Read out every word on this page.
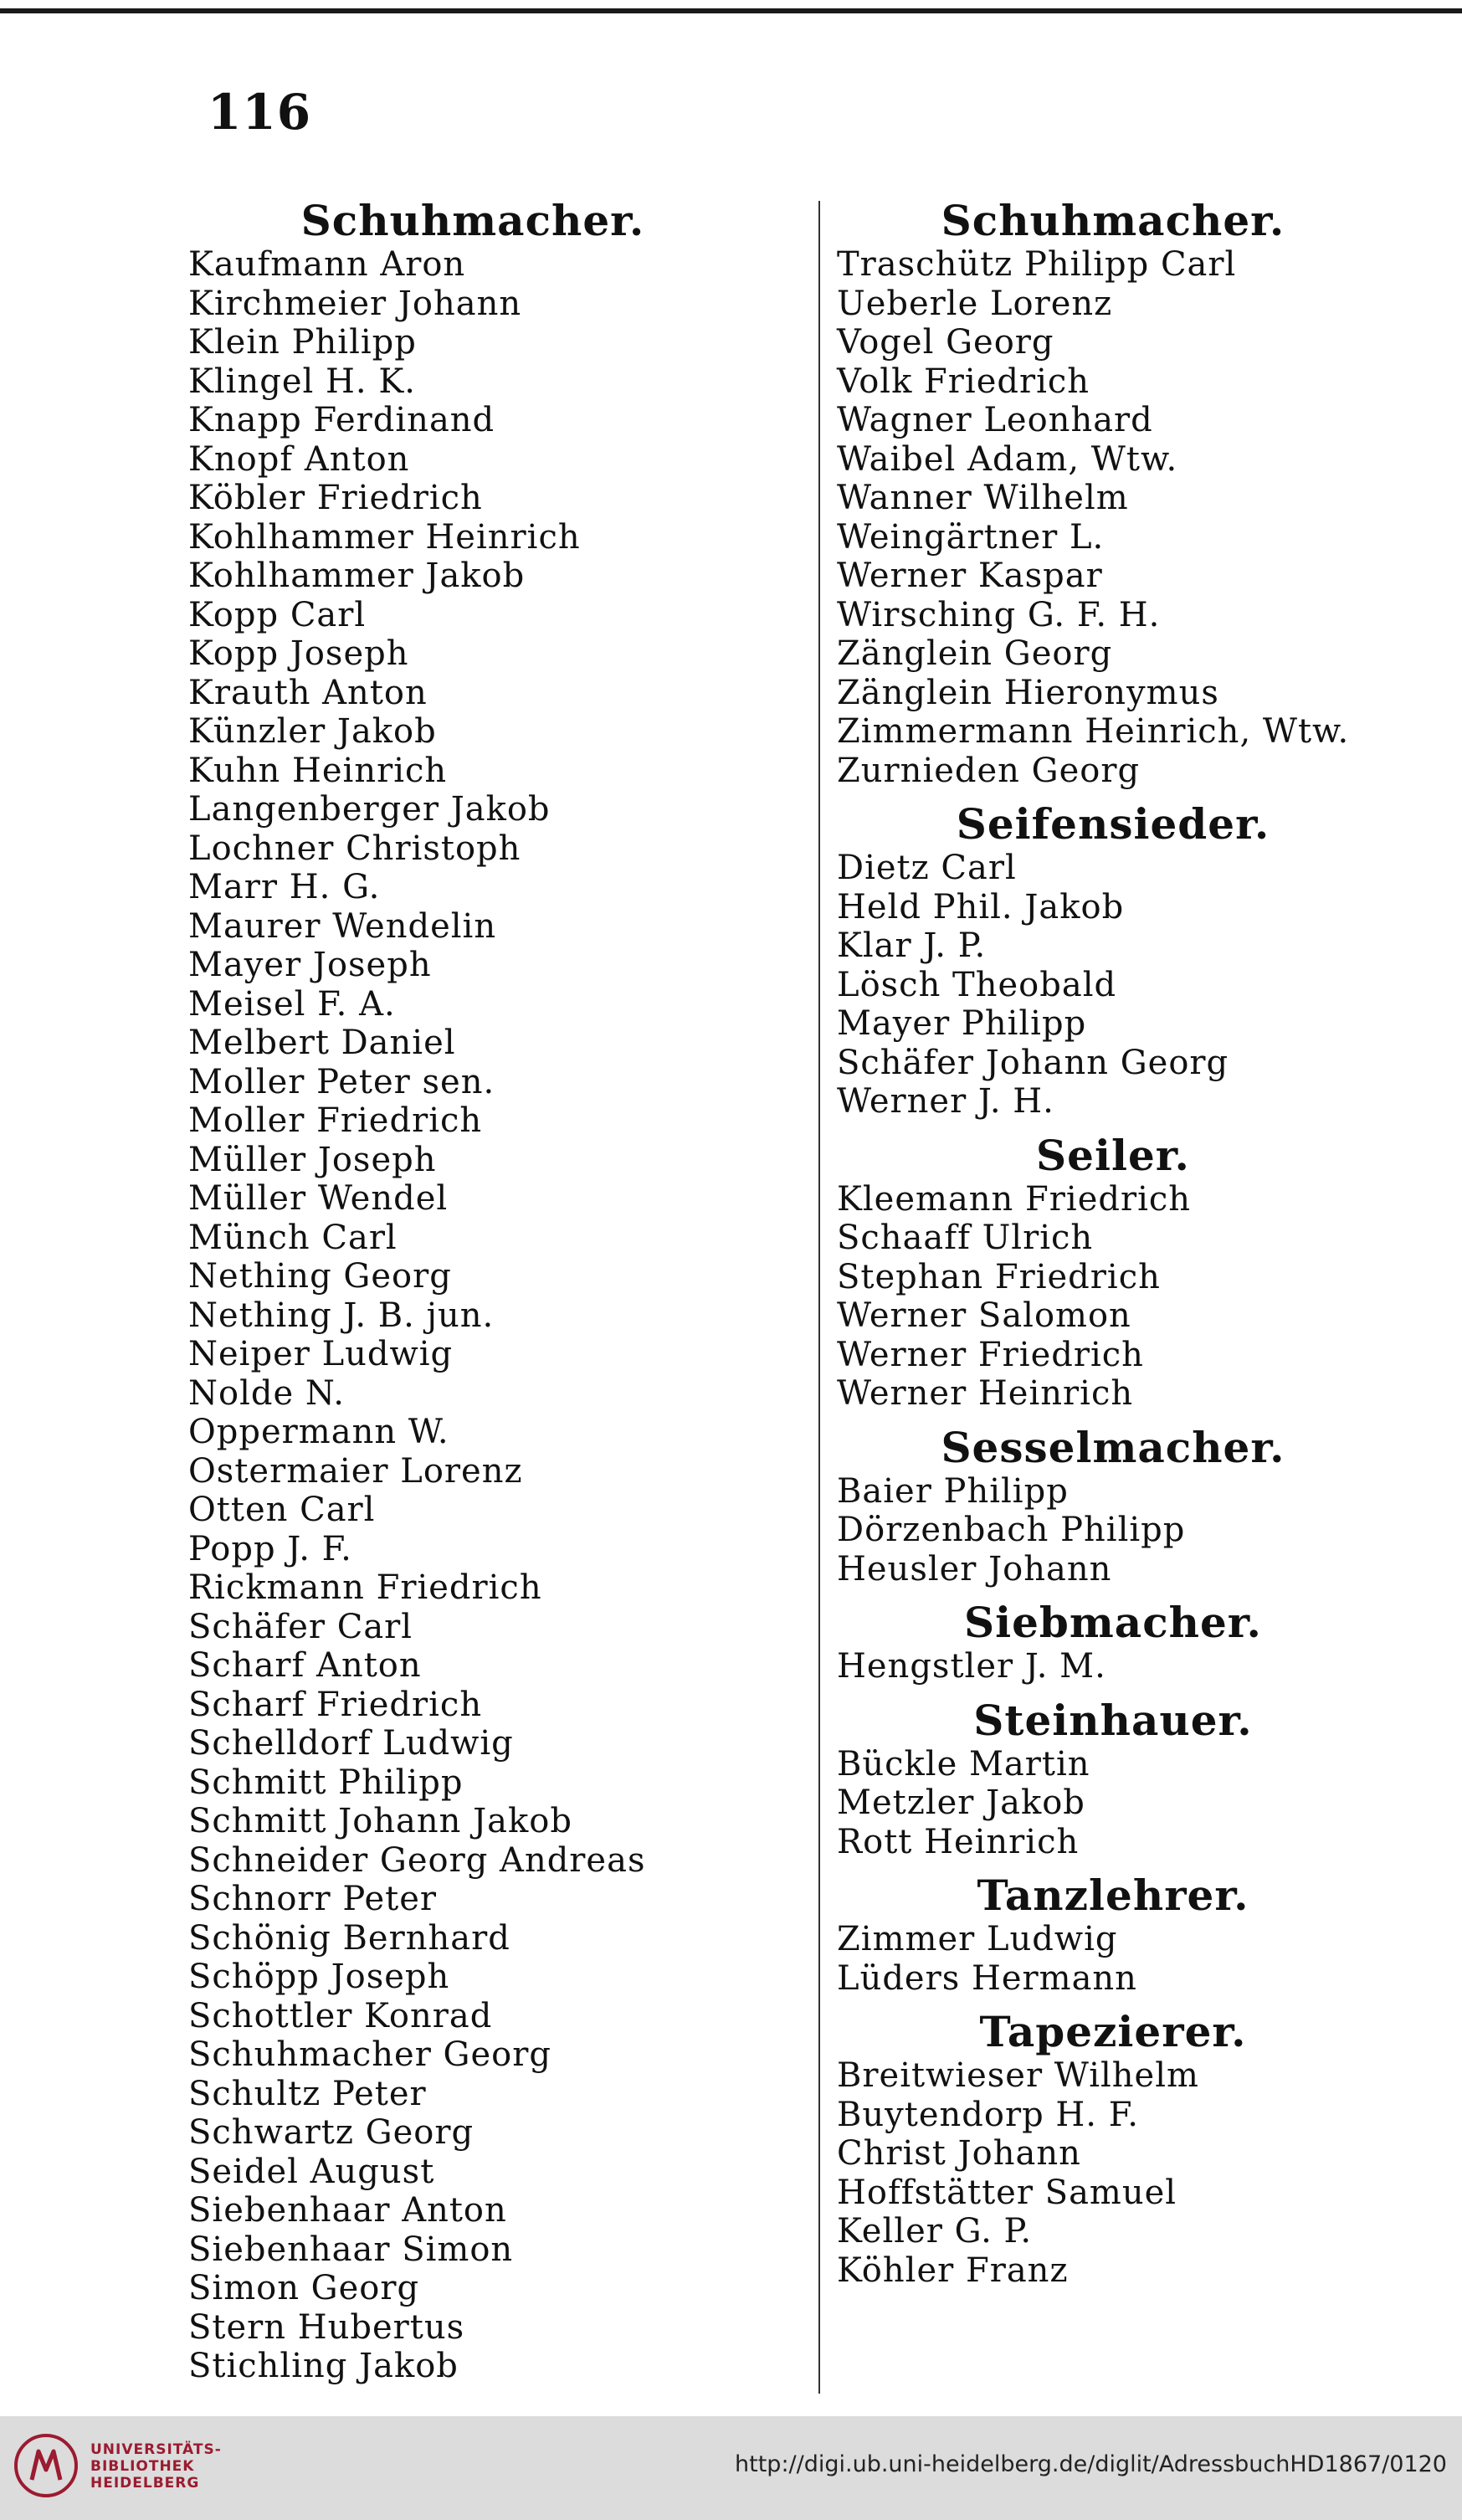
116
Schuhmacher.
Kaufmann Aron
Kirchmeier Johann
Klein Philipp
Klingel H. K.
Knapp Ferdinand
Knopf Anton
Köbler Friedrich
Kohlhammer Heinrich
Kohlhammer Jakob
Kopp Carl
Kopp Joseph
Krauth Anton
Künzler Jakob
Kuhn Heinrich
Langenberger Jakob
Lochner Christoph
Marr H. G.
Maurer Wendelin
Mayer Joseph
Meisel F. A.
Melbert Daniel
Moller Peter sen.
Moller Friedrich
Müller Joseph
Müller Wendel
Münch Carl
Nething Georg
Nething J. B. jun.
Neiper Ludwig
Nolde N.
Oppermann W.
Ostermaier Lorenz
Otten Carl
Popp J. F.
Rickmann Friedrich
Schäfer Carl
Scharf Anton
Scharf Friedrich
Schelldorf Ludwig
Schmitt Philipp
Schmitt Johann Jakob
Schneider Georg Andreas
Schnorr Peter
Schönig Bernhard
Schöpp Joseph
Schottler Konrad
Schuhmacher Georg
Schultz Peter
Schwartz Georg
Seidel August
Siebenhaar Anton
Siebenhaar Simon
Simon Georg
Stern Hubertus
Stichling Jakob
Schuhmacher.
Traschütz Philipp Carl
Ueberle Lorenz
Vogel Georg
Volk Friedrich
Wagner Leonhard
Waibel Adam, Wtw.
Wanner Wilhelm
Weingärtner L.
Werner Kaspar
Wirsching G. F. H.
Zänglein Georg
Zänglein Hieronymus
Zimmermann Heinrich, Wtw.
Zurnieden Georg
Seifensieder.
Dietz Carl
Held Phil. Jakob
Klar J. P.
Lösch Theobald
Mayer Philipp
Schäfer Johann Georg
Werner J. H.
Seiler.
Kleemann Friedrich
Schaaff Ulrich
Stephan Friedrich
Werner Salomon
Werner Friedrich
Werner Heinrich
Sesselmacher.
Baier Philipp
Dörzenbach Philipp
Heusler Johann
Siebmacher.
Hengstler J. M.
Steinhauer.
Bückle Martin
Metzler Jakob
Rott Heinrich
Tanzlehrer.
Zimmer Ludwig
Lüders Hermann
Tapezierer.
Breitwieser Wilhelm
Buytendorp H. F.
Christ Johann
Hoffstätter Samuel
Keller G. P.
Köhler Franz
UNIVERSITÄTS-
BIBLIOTHEK
HEIDELBERG
http://digi.ub.uni-heidelberg.de/diglit/AdressbuchHD1867/0120
